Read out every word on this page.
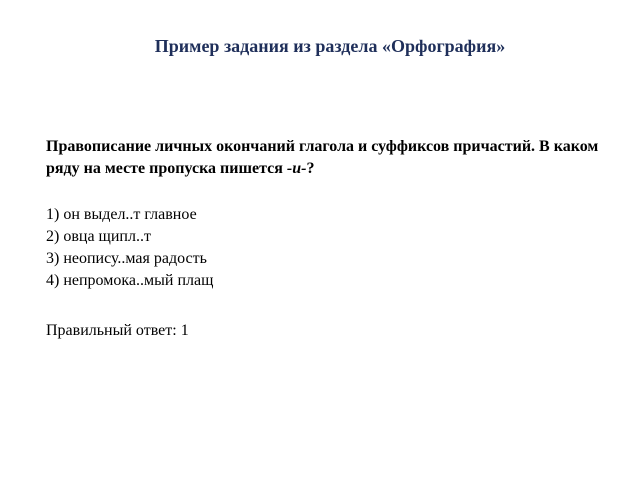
Пример задания из раздела «Орфография»
Правописание личных окончаний глагола и суффиксов причастий. В каком ряду на месте пропуска пишется -и-?
1) он выдел..т главное
2) овца щипл..т
3) неопису..мая радость
4) непромока..мый плащ
Правильный ответ: 1
